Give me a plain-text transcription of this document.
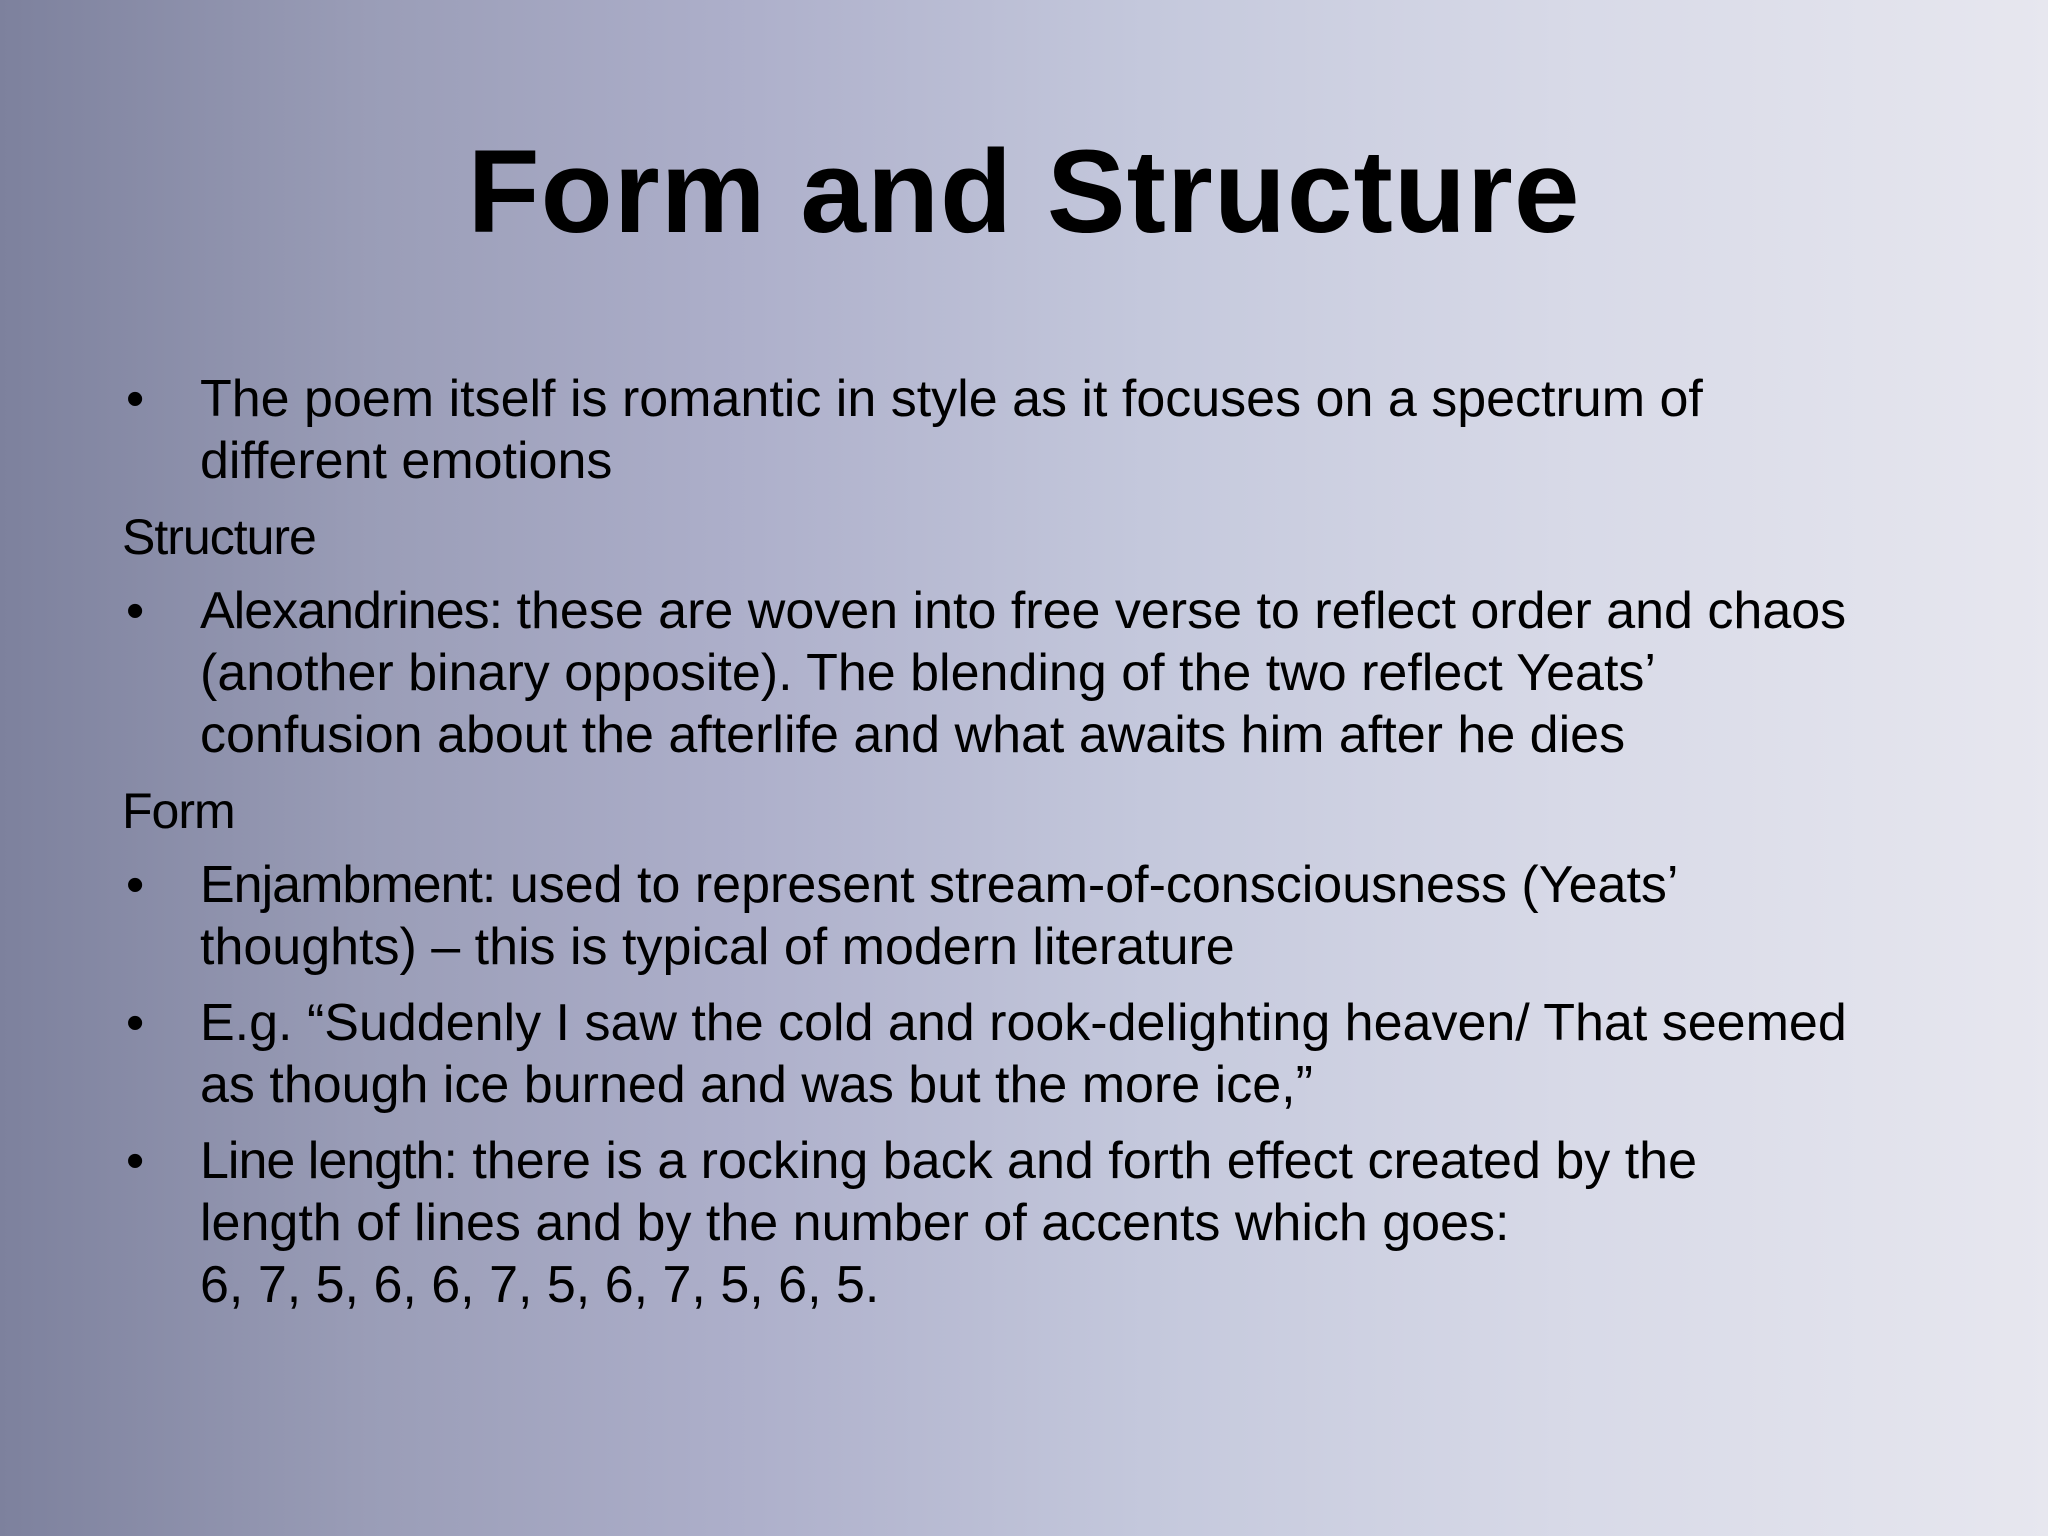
Form and Structure
• The poem itself is romantic in style as it focuses on a spectrum of
different emotions
Structure
• Alexandrines: these are woven into free verse to reflect order and chaos
(another binary opposite). The blending of the two reflect Yeats’
confusion about the afterlife and what awaits him after he dies
Form
• Enjambment: used to represent stream-of-consciousness (Yeats’
thoughts) – this is typical of modern literature
• E.g. “Suddenly I saw the cold and rook-delighting heaven/ That seemed
as though ice burned and was but the more ice,”
• Line length: there is a rocking back and forth effect created by the
length of lines and by the number of accents which goes:
6, 7, 5, 6, 6, 7, 5, 6, 7, 5, 6, 5.
